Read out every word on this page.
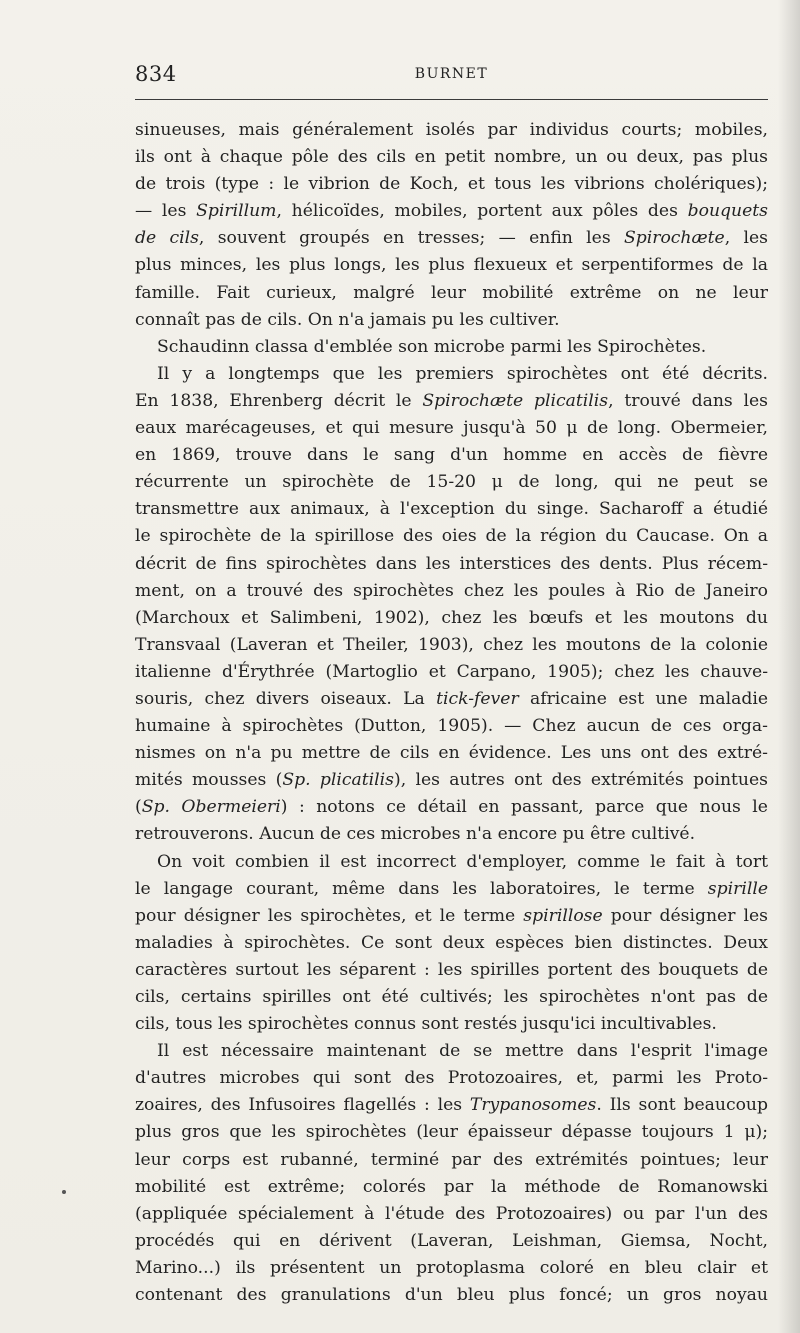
834	BURNET
sinueuses, mais généralement isolés par individus courts; mobiles,
ils ont à chaque pôle des cils en petit nombre, un ou deux, pas plus
de trois (type : le vibrion de Koch, et tous les vibrions cholériques);
— les Spirillum, hélicoïdes, mobiles, portent aux pôles des bouquets
de cils, souvent groupés en tresses; — enfin les Spirochæte, les
plus minces, les plus longs, les plus flexueux et serpentiformes de la
famille. Fait curieux, malgré leur mobilité extrême on ne leur
connaît pas de cils. On n'a jamais pu les cultiver.
Schaudinn classa d'emblée son microbe parmi les Spirochètes.
Il y a longtemps que les premiers spirochètes ont été décrits.
En 1838, Ehrenberg décrit le Spirochæte plicatilis, trouvé dans les
eaux marécageuses, et qui mesure jusqu'à 50 μ de long. Obermeier,
en 1869, trouve dans le sang d'un homme en accès de fièvre
récurrente un spirochète de 15-20 μ de long, qui ne peut se
transmettre aux animaux, à l'exception du singe. Sacharoff a étudié
le spirochète de la spirillose des oies de la région du Caucase. On a
décrit de fins spirochètes dans les interstices des dents. Plus récem-
ment, on a trouvé des spirochètes chez les poules à Rio de Janeiro
(Marchoux et Salimbeni, 1902), chez les bœufs et les moutons du
Transvaal (Laveran et Theiler, 1903), chez les moutons de la colonie
italienne d'Érythrée (Martoglio et Carpano, 1905); chez les chauve-
souris, chez divers oiseaux. La tick-fever africaine est une maladie
humaine à spirochètes (Dutton, 1905). — Chez aucun de ces orga-
nismes on n'a pu mettre de cils en évidence. Les uns ont des extré-
mités mousses (Sp. plicatilis), les autres ont des extrémités pointues
(Sp. Obermeieri) : notons ce détail en passant, parce que nous le
retrouverons. Aucun de ces microbes n'a encore pu être cultivé.
On voit combien il est incorrect d'employer, comme le fait à tort
le langage courant, même dans les laboratoires, le terme spirille
pour désigner les spirochètes, et le terme spirillose pour désigner les
maladies à spirochètes. Ce sont deux espèces bien distinctes. Deux
caractères surtout les séparent : les spirilles portent des bouquets de
cils, certains spirilles ont été cultivés; les spirochètes n'ont pas de
cils, tous les spirochètes connus sont restés jusqu'ici incultivables.
Il est nécessaire maintenant de se mettre dans l'esprit l'image
d'autres microbes qui sont des Protozoaires, et, parmi les Proto-
zoaires, des Infusoires flagellés : les Trypanosomes. Ils sont beaucoup
plus gros que les spirochètes (leur épaisseur dépasse toujours 1 μ);
leur corps est rubanné, terminé par des extrémités pointues; leur
mobilité est extrême; colorés par la méthode de Romanowski
(appliquée spécialement à l'étude des Protozoaires) ou par l'un des
procédés qui en dérivent (Laveran, Leishman, Giemsa, Nocht,
Marino...) ils présentent un protoplasma coloré en bleu clair et
contenant des granulations d'un bleu plus foncé; un gros noyau
